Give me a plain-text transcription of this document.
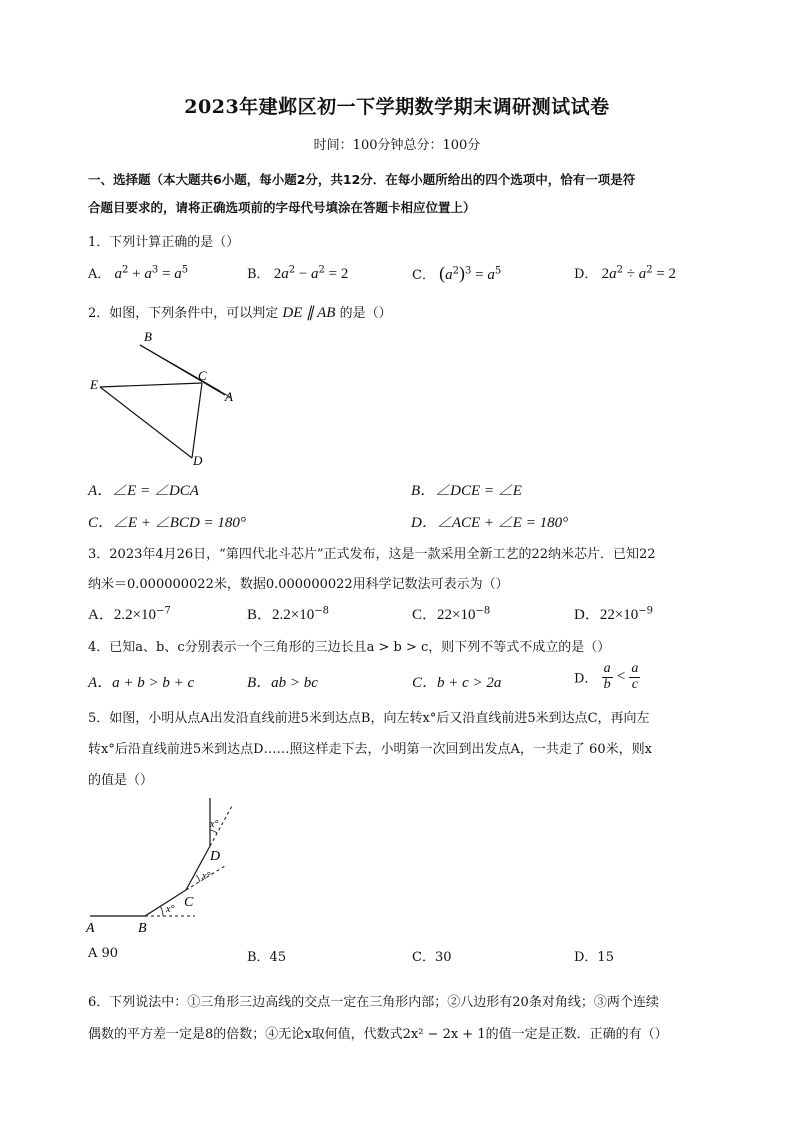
2023年建邺区初一下学期数学期末调研测试试卷
时间：100分钟总分：100分
一、选择题（本大题共6小题，每小题2分，共12分．在每小题所给出的四个选项中，恰有一项是符
合题目要求的，请将正确选项前的字母代号填涂在答题卡相应位置上）
1．下列计算正确的是（）
A． $a^2 + a^3 = a^5$	B． $2a^2 - a^2 = 2$	C． $(a^2)^3 = a^5$	D． $2a^2 \div a^2 = 2$
2．如图，下列条件中，可以判定 DE ∥ AB 的是（）
B
C
E
A
D
A．∠E = ∠DCA	B．∠DCE = ∠E
C．∠E + ∠BCD = 180°	D．∠ACE + ∠E = 180°
3．2023年4月26日，“第四代北斗芯片”正式发布，这是一款采用全新工艺的22纳米芯片．已知22
纳米＝0.000000022米，数据0.000000022用科学记数法可表示为（）
A．$2.2\times 10^{-7}$	B．$2.2\times 10^{-8}$	C．$22\times 10^{-8}$	D．$22\times 10^{-9}$
4．已知a、b、c分别表示一个三角形的三边长且a > b > c，则下列不等式不成立的是（）
A．a + b > b + c	B．ab > bc	C．b + c > 2a	D． $\frac{a}{b} < \frac{a}{c}$
5．如图，小明从点A出发沿直线前进5米到达点B，向左转x°后又沿直线前进5米到达点C，再向左
转x°后沿直线前进5米到达点D……照这样走下去，小明第一次回到出发点A，一共走了 60米，则x
的值是（）
A	B
C
D
x°
x°
x°
A 90	B．45	C．30	D．15
6．下列说法中：①三角形三边高线的交点一定在三角形内部；②八边形有20条对角线；③两个连续
偶数的平方差一定是8的倍数；④无论x取何值，代数式2x² − 2x + 1的值一定是正数．正确的有（）
